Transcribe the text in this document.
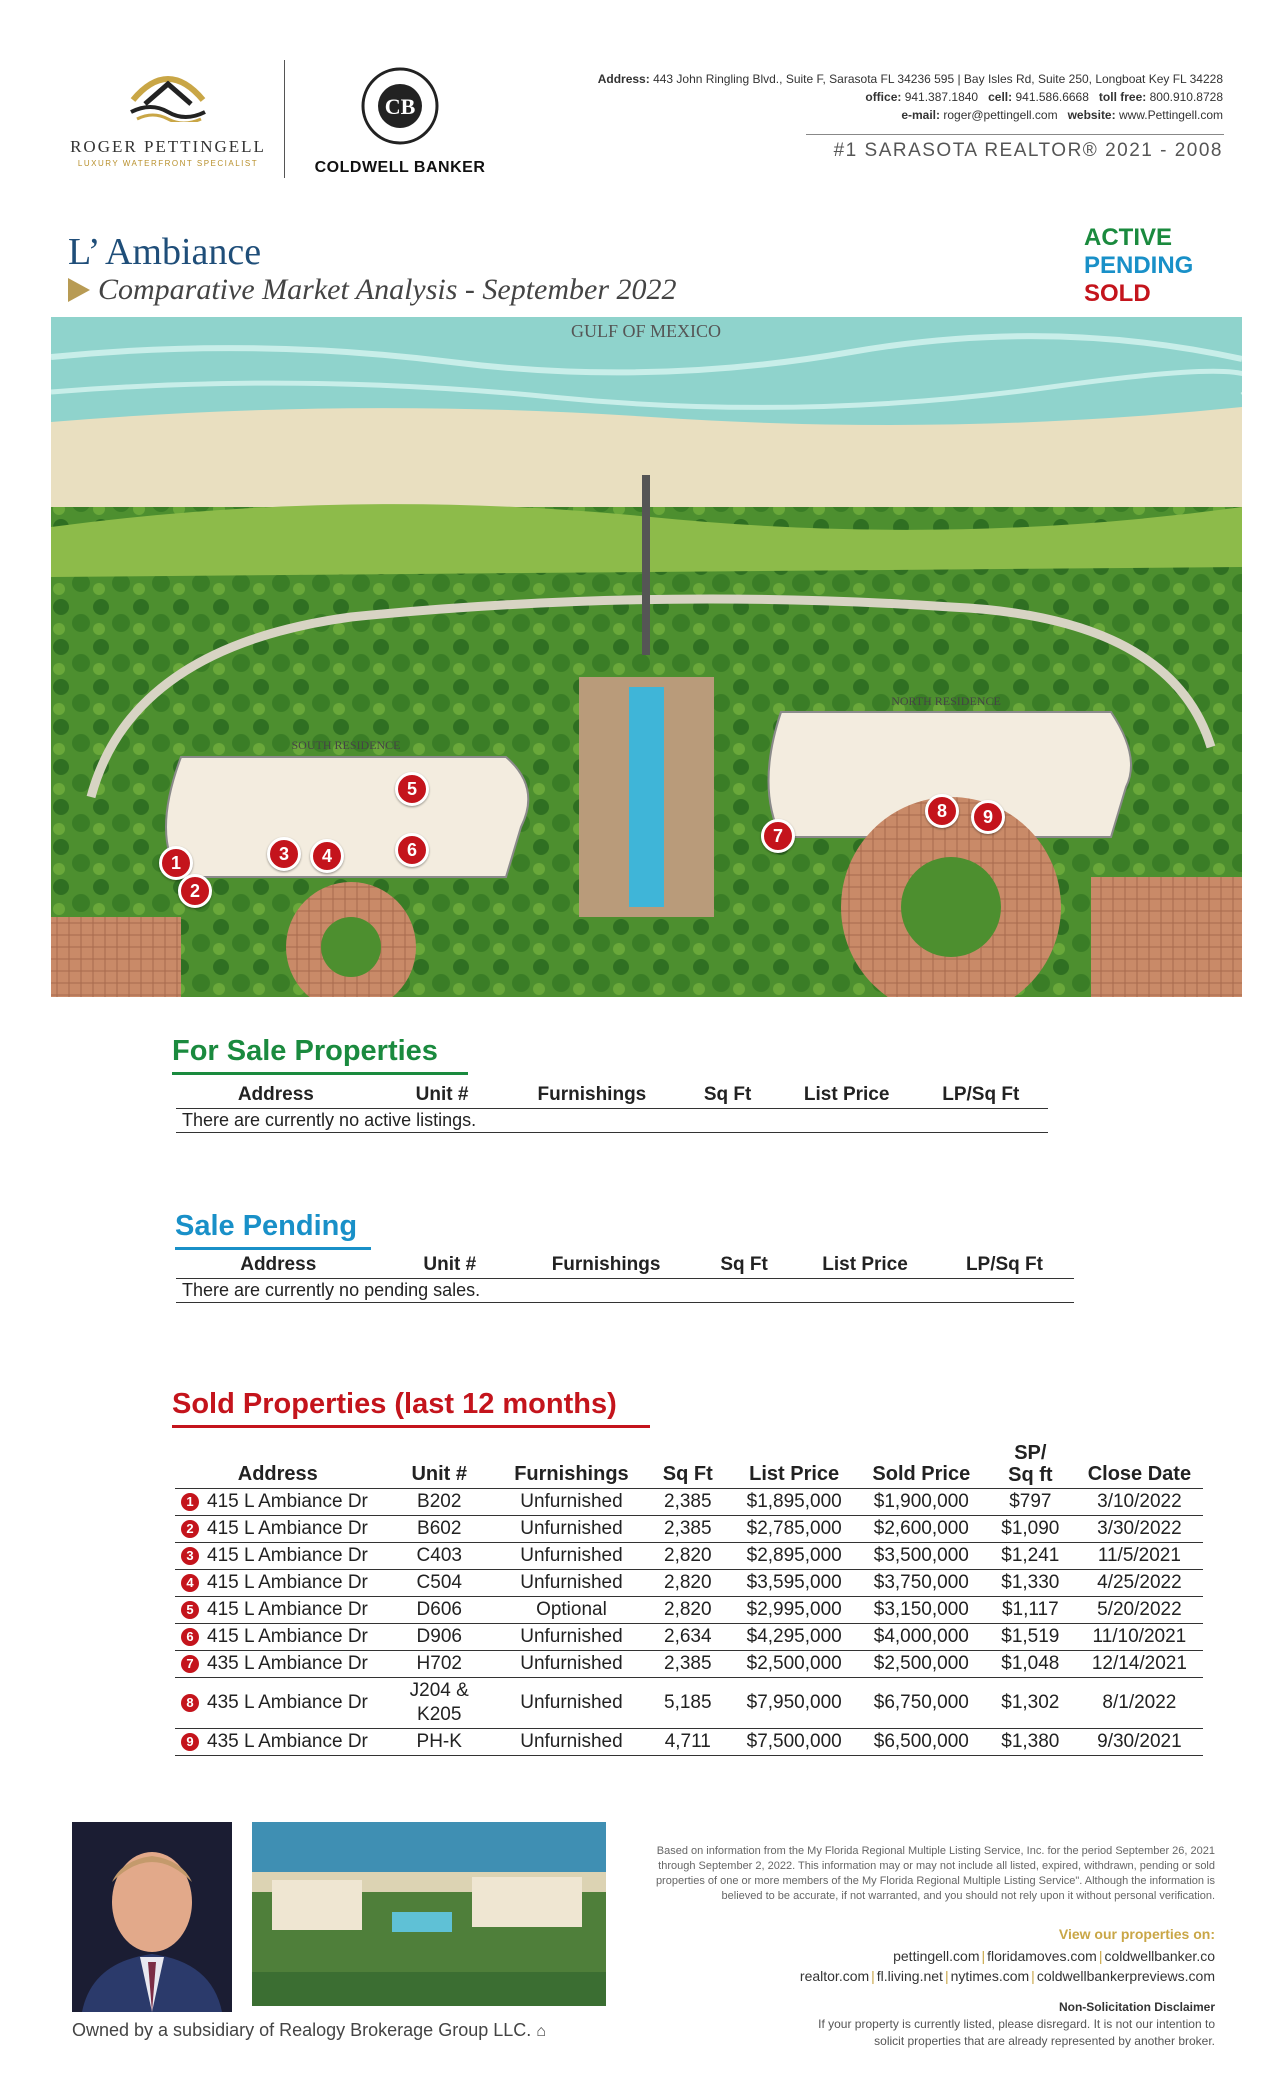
ROGER PETTINGELL
LUXURY WATERFRONT SPECIALIST
CB
COLDWELL BANKER
Address: 443 John Ringling Blvd., Suite F, Sarasota FL 34236 595 | Bay Isles Rd, Suite 250, Longboat Key FL 34228
office: 941.387.1840 cell: 941.586.6668 toll free: 800.910.8728
e-mail: roger@pettingell.com website: www.Pettingell.com
#1 SARASOTA REALTOR® 2021 - 2008
L’ Ambiance
Comparative Market Analysis - September 2022
ACTIVE
PENDING
SOLD
GULF OF MEXICO
SOUTH RESIDENCE
NORTH RESIDENCE
1
2
3	4
5
6
7
8	9
For Sale Properties
Address	Unit #	Furnishings	Sq Ft	List Price	LP/Sq Ft
There are currently no active listings.
Sale Pending
Address	Unit #	Furnishings	Sq Ft	List Price	LP/Sq Ft
There are currently no pending sales.
Sold Properties (last 12 months)
Address	Unit #	Furnishings	Sq Ft	List Price	Sold Price	SP/ Sq ft	Close Date
1 415 L Ambiance Dr	B202	Unfurnished	2,385	$1,895,000	$1,900,000	$797	3/10/2022
2 415 L Ambiance Dr	B602	Unfurnished	2,385	$2,785,000	$2,600,000	$1,090	3/30/2022
3 415 L Ambiance Dr	C403	Unfurnished	2,820	$2,895,000	$3,500,000	$1,241	11/5/2021
4 415 L Ambiance Dr	C504	Unfurnished	2,820	$3,595,000	$3,750,000	$1,330	4/25/2022
5 415 L Ambiance Dr	D606	Optional	2,820	$2,995,000	$3,150,000	$1,117	5/20/2022
6 415 L Ambiance Dr	D906	Unfurnished	2,634	$4,295,000	$4,000,000	$1,519	11/10/2021
7 435 L Ambiance Dr	H702	Unfurnished	2,385	$2,500,000	$2,500,000	$1,048	12/14/2021
8 435 L Ambiance Dr	J204 & K205	Unfurnished	5,185	$7,950,000	$6,750,000	$1,302	8/1/2022
9 435 L Ambiance Dr	PH-K	Unfurnished	4,711	$7,500,000	$6,500,000	$1,380	9/30/2021
Owned by a subsidiary of Realogy Brokerage Group LLC. ⌂
Based on information from the My Florida Regional Multiple Listing Service, Inc. for the period September 26, 2021 through September 2, 2022. This information may or may not include all listed, expired, withdrawn, pending or sold properties of one or more members of the My Florida Regional Multiple Listing Service". Although the information is believed to be accurate, if not warranted, and you should not rely upon it without personal verification.
View our properties on:
pettingell.com | floridamoves.com | coldwellbanker.co
realtor.com | fl.living.net | nytimes.com | coldwellbankerpreviews.com
Non-Solicitation Disclaimer
If your property is currently listed, please disregard. It is not our intention to solicit properties that are already represented by another broker.
